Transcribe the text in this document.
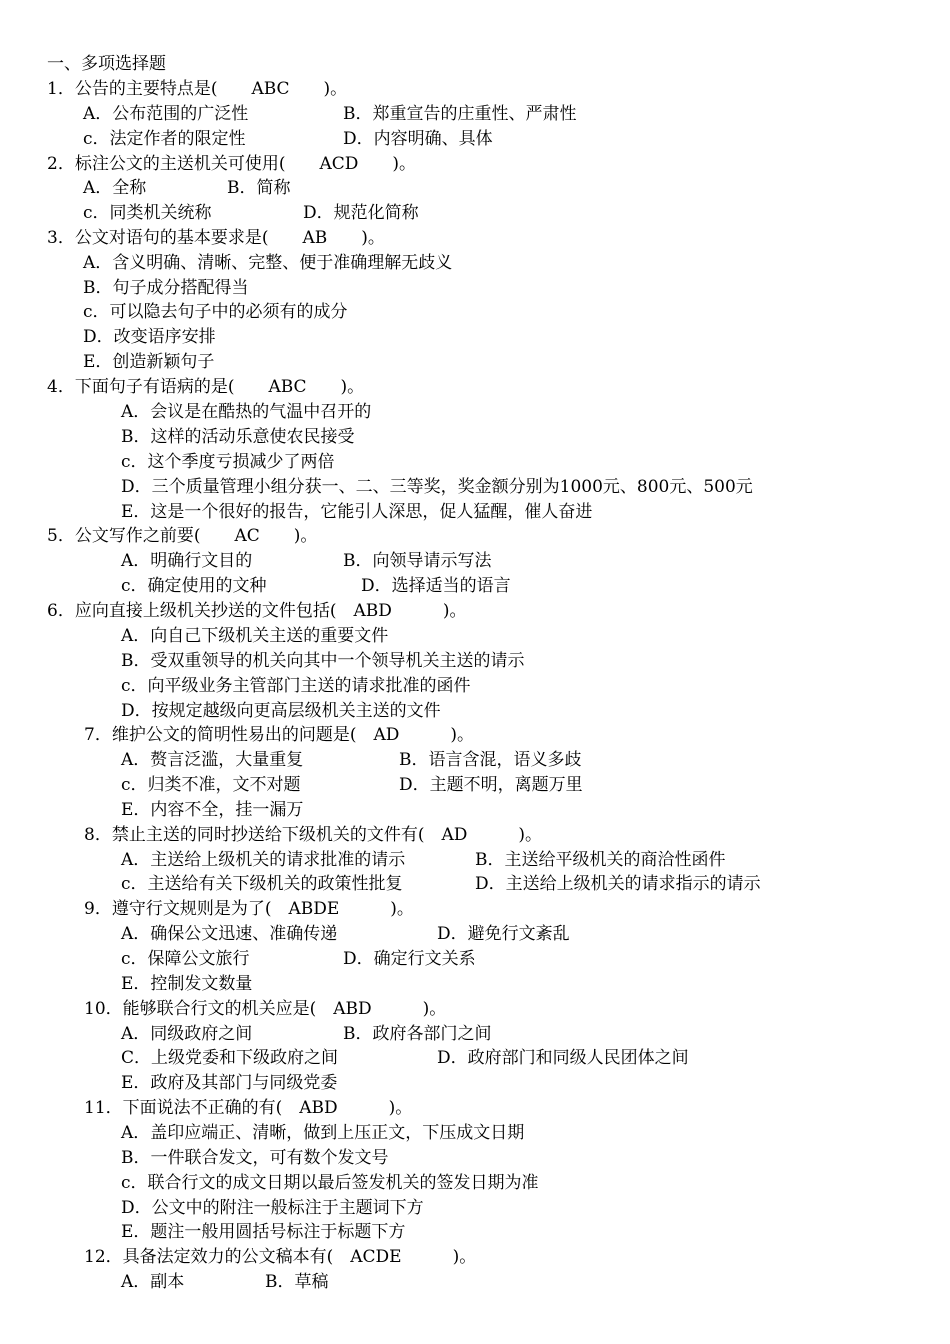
一、多项选择题
1．公告的主要特点是(　　ABC　　)。
A．公布范围的广泛性	B．郑重宣告的庄重性、严肃性
c．法定作者的限定性	D．内容明确、具体
2．标注公文的主送机关可使用(　　ACD　　)。
A．全称	B．简称
c．同类机关统称	D．规范化简称
3．公文对语句的基本要求是(　　AB　　)。
A．含义明确、清晰、完整、便于准确理解无歧义
B．句子成分搭配得当
c．可以隐去句子中的必须有的成分
D．改变语序安排
E．创造新颖句子
4．下面句子有语病的是(　　ABC　　)。
A．会议是在酷热的气温中召开的
B．这样的活动乐意使农民接受
c．这个季度亏损减少了两倍
D．三个质量管理小组分获一、二、三等奖，奖金额分别为1000元、800元、500元
E．这是一个很好的报告，它能引人深思，促人猛醒，催人奋进
5．公文写作之前要(　　AC　　)。
A．明确行文目的	B．向领导请示写法
c．确定使用的文种	D．选择适当的语言
6．应向直接上级机关抄送的文件包括(　ABD　　　)。
A．向自己下级机关主送的重要文件
B．受双重领导的机关向其中一个领导机关主送的请示
c．向平级业务主管部门主送的请求批准的函件
D．按规定越级向更高层级机关主送的文件
7．维护公文的简明性易出的问题是(　AD　　　)。
A．赘言泛滥，大量重复	B．语言含混，语义多歧
c．归类不准，文不对题	D．主题不明，离题万里
E．内容不全，挂一漏万
8．禁止主送的同时抄送给下级机关的文件有(　AD　　　)。
A．主送给上级机关的请求批准的请示	B．主送给平级机关的商洽性函件
c．主送给有关下级机关的政策性批复	D．主送给上级机关的请求指示的请示
9．遵守行文规则是为了(　ABDE　　　)。
A．确保公文迅速、准确传递	D．避免行文紊乱
c．保障公文旅行	D．确定行文关系
E．控制发文数量
10．能够联合行文的机关应是(　ABD　　　)。
A．同级政府之间	B．政府各部门之间
C．上级党委和下级政府之间	D．政府部门和同级人民团体之间
E．政府及其部门与同级党委
11．下面说法不正确的有(　ABD　　　)。
A．盖印应端正、清晰，做到上压正文，下压成文日期
B．一件联合发文，可有数个发文号
c．联合行文的成文日期以最后签发机关的签发日期为准
D．公文中的附注一般标注于主题词下方
E．题注一般用圆括号标注于标题下方
12．具备法定效力的公文稿本有(　ACDE　　　)。
A．副本	B．草稿
